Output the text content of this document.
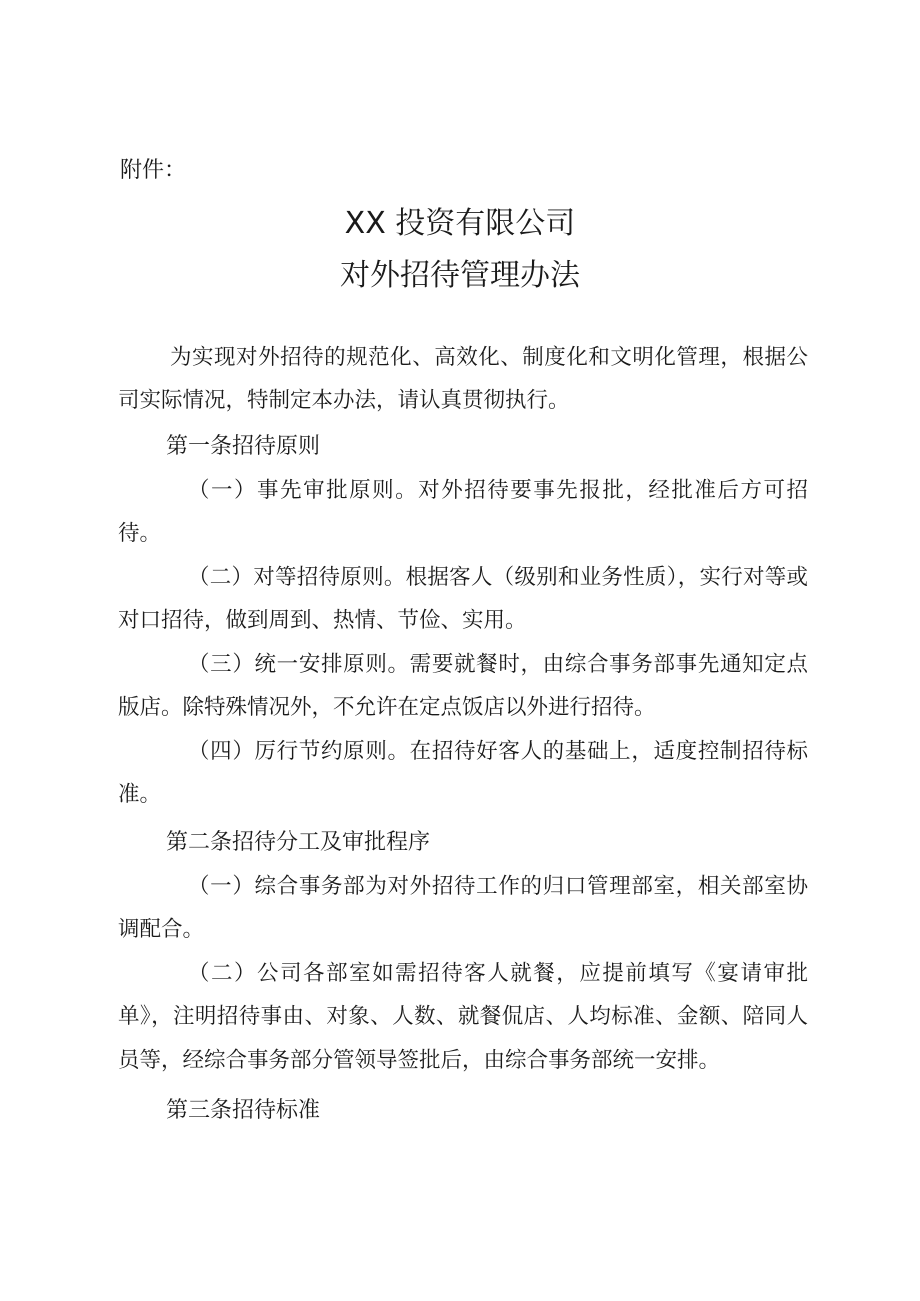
附件：
XX 投资有限公司
对外招待管理办法

为实现对外招待的规范化、高效化、制度化和文明化管理，根据公司实际情况，特制定本办法，请认真贯彻执行。

第一条招待原则

（一）事先审批原则。对外招待要事先报批，经批准后方可招待。

（二）对等招待原则。根据客人（级别和业务性质），实行对等或对口招待，做到周到、热情、节俭、实用。

（三）统一安排原则。需要就餐时，由综合事务部事先通知定点版店。除特殊情况外，不允许在定点饭店以外进行招待。

（四）厉行节约原则。在招待好客人的基础上，适度控制招待标准。

第二条招待分工及审批程序

（一）综合事务部为对外招待工作的归口管理部室，相关部室协调配合。

（二）公司各部室如需招待客人就餐，应提前填写《宴请审批单》，注明招待事由、对象、人数、就餐侃店、人均标准、金额、陪同人员等，经综合事务部分管领导签批后，由综合事务部统一安排。

第三条招待标准
